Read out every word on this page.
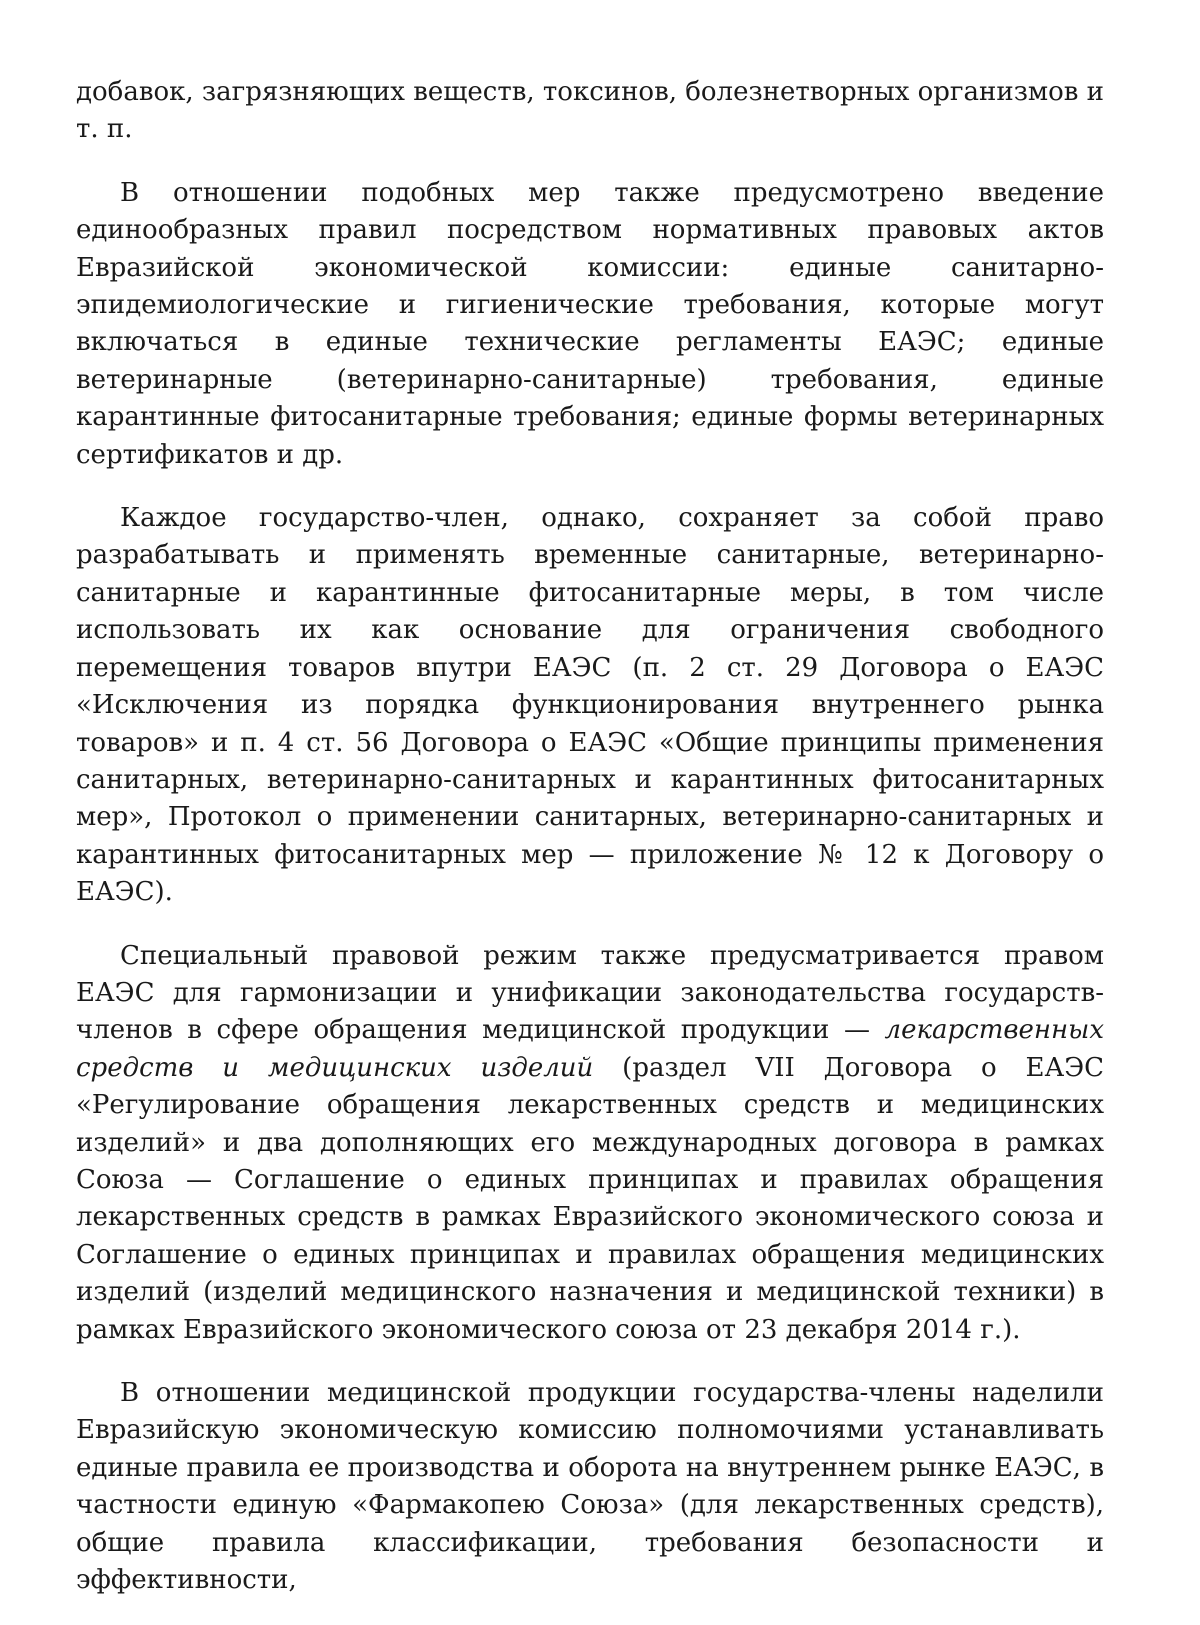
добавок, загрязняющих веществ, токсинов, болезнетворных организмов и т. п.

В отношении подобных мер также предусмотрено введение единообразных правил посредством нормативных правовых актов Евразийской экономической комиссии: единые санитарно-эпидемиологические и гигиенические требования, которые могут включаться в единые технические регламенты ЕАЭС; единые ветеринарные (ветеринарно-санитарные) требования, единые карантинные фитосанитарные требования; единые формы ветеринарных сертификатов и др.

Каждое государство-член, однако, сохраняет за собой право разрабатывать и применять временные санитарные, ветеринарно-санитарные и карантинные фитосанитарные меры, в том числе использовать их как основание для ограничения свободного перемещения товаров впутри ЕАЭС (п. 2 ст. 29 Договора о ЕАЭС «Исключения из порядка функционирования внутреннего рынка товаров» и п. 4 ст. 56 Договора о ЕАЭС «Общие принципы применения санитарных, ветеринарно-санитарных и карантинных фитосанитарных мер», Протокол о применении санитарных, ветеринарно-санитарных и карантинных фитосанитарных мер — приложение № 12 к Договору о ЕАЭС).

Специальный правовой режим также предусматривается правом ЕАЭС для гармонизации и унификации законодательства государств-членов в сфере обращения медицинской продукции — лекарственных средств и медицинских изделий (раздел VII Договора о ЕАЭС «Регулирование обращения лекарственных средств и медицинских изделий» и два дополняющих его международных договора в рамках Союза — Соглашение о единых принципах и правилах обращения лекарственных средств в рамках Евразийского экономического союза и Соглашение о единых принципах и правилах обращения медицинских изделий (изделий медицинского назначения и медицинской техники) в рамках Евразийского экономического союза от 23 декабря 2014 г.).

В отношении медицинской продукции государства-члены наделили Евразийскую экономическую комиссию полномочиями устанавливать единые правила ее производства и оборота на внутреннем рынке ЕАЭС, в частности единую «Фармакопею Союза» (для лекарственных средств), общие правила классификации, требования безопасности и эффективности,
